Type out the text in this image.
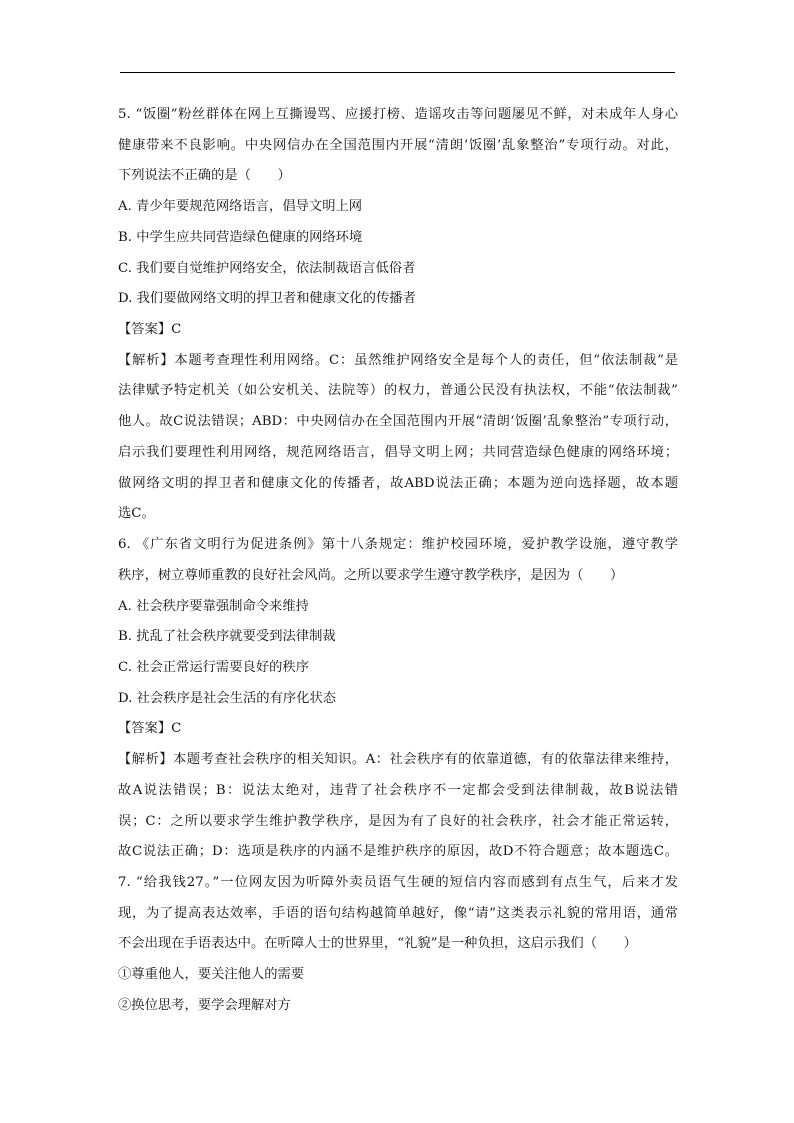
5. “饭圈”粉丝群体在网上互撕谩骂、应援打榜、造谣攻击等问题屡见不鲜，对未成年人身心
健康带来不良影响。中央网信办在全国范围内开展“清朗‘饭圈’乱象整治”专项行动。对此，
下列说法不正确的是（　　）
A. 青少年要规范网络语言，倡导文明上网
B. 中学生应共同营造绿色健康的网络环境
C. 我们要自觉维护网络安全，依法制裁语言低俗者
D. 我们要做网络文明的捍卫者和健康文化的传播者
【答案】C
【解析】本题考查理性利用网络。C：虽然维护网络安全是每个人的责任，但“依法制裁”是
法律赋予特定机关（如公安机关、法院等）的权力，普通公民没有执法权，不能“依法制裁”
他人。故C说法错误；ABD：中央网信办在全国范围内开展“清朗‘饭圈’乱象整治”专项行动，
启示我们要理性利用网络，规范网络语言，倡导文明上网；共同营造绿色健康的网络环境；
做网络文明的捍卫者和健康文化的传播者，故ABD说法正确；本题为逆向选择题，故本题
选C。
6. 《广东省文明行为促进条例》第十八条规定：维护校园环境，爱护教学设施，遵守教学
秩序，树立尊师重教的良好社会风尚。之所以要求学生遵守教学秩序，是因为（　　）
A. 社会秩序要靠强制命令来维持
B. 扰乱了社会秩序就要受到法律制裁
C. 社会正常运行需要良好的秩序
D. 社会秩序是社会生活的有序化状态
【答案】C
【解析】本题考查社会秩序的相关知识。A：社会秩序有的依靠道德，有的依靠法律来维持，
故A说法错误；B：说法太绝对，违背了社会秩序不一定都会受到法律制裁，故B说法错
误；C：之所以要求学生维护教学秩序，是因为有了良好的社会秩序，社会才能正常运转，
故C说法正确；D：选项是秩序的内涵不是维护秩序的原因，故D不符合题意；故本题选C。
7. “给我钱27。”一位网友因为听障外卖员语气生硬的短信内容而感到有点生气，后来才发
现，为了提高表达效率，手语的语句结构越简单越好，像“请”这类表示礼貌的常用语，通常
不会出现在手语表达中。在听障人士的世界里，“礼貌”是一种负担，这启示我们（　　）
①尊重他人，要关注他人的需要
②换位思考，要学会理解对方
